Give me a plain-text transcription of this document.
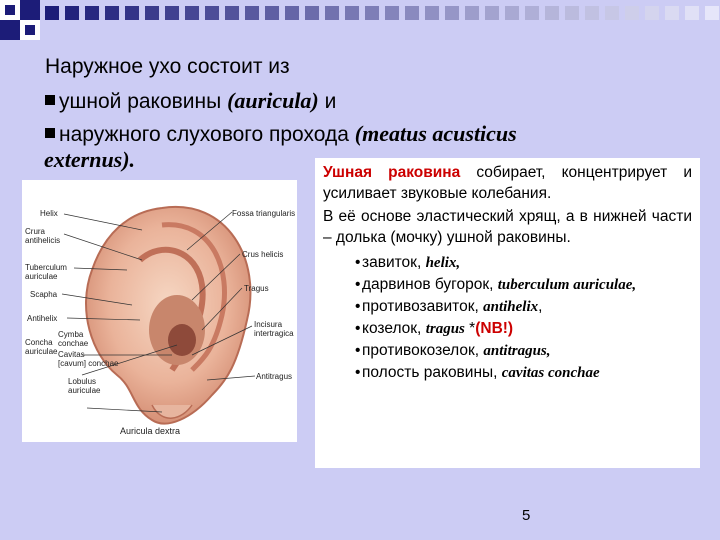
Наружное ухо состоит из
ушной раковины (auricula) и
наружного слухового прохода (meatus acusticus
externus).
Helix
Crura
antihelicis
Tuberculum
auriculae
Scapha
Antihelix
Concha
auriculae
Cymba
conchae
Cavitas
[cavum] conchae
Lobulus
auriculae
Fossa triangularis
Crus helicis
Tragus
Incisura
intertragica
Antitragus
Auricula dextra

Ушная раковина собирает, концентрирует и усиливает звуковые колебания.

В её основе эластический хрящ, а в нижней части – долька (мочку) ушной раковины.

• завиток, helix,
• дарвинов бугорок, tuberculum auriculae,
• противозавиток, antihelix,
• козелок, tragus *(NB!)
• противокозелок, antitragus,
• полость раковины, cavitas conchae
5
